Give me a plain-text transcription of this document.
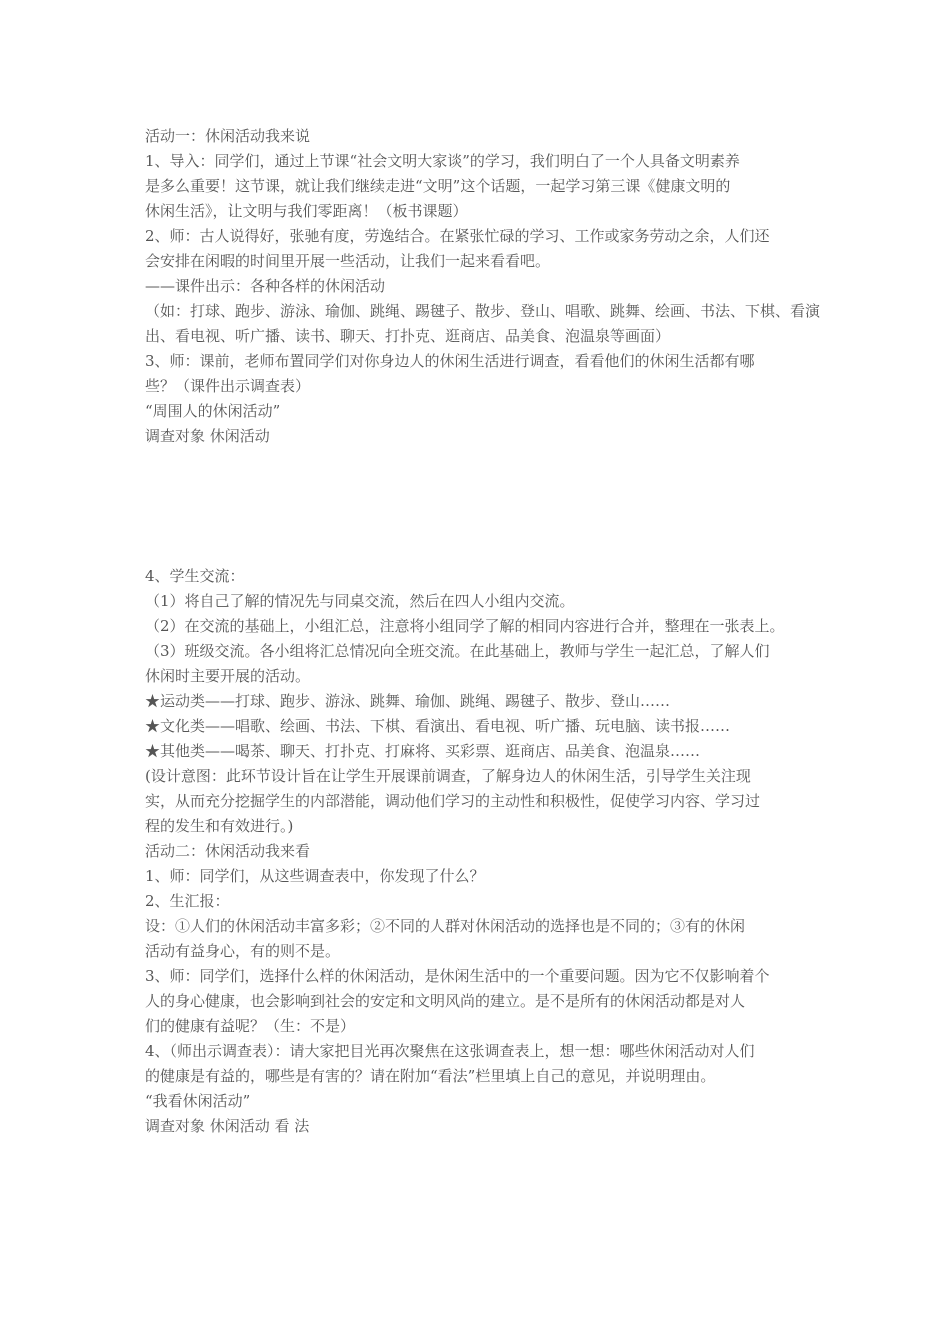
活动一：休闲活动我来说

1、导入：同学们，通过上节课“社会文明大家谈”的学习，我们明白了一个人具备文明素养

是多么重要！这节课，就让我们继续走进“文明”这个话题，一起学习第三课《健康文明的

休闲生活》，让文明与我们零距离！（板书课题）

2、师：古人说得好，张驰有度，劳逸结合。在紧张忙碌的学习、工作或家务劳动之余，人们还

会安排在闲暇的时间里开展一些活动，让我们一起来看看吧。

——课件出示：各种各样的休闲活动

（如：打球、跑步、游泳、瑜伽、跳绳、踢毽子、散步、登山、唱歌、跳舞、绘画、书法、下棋、看演

出、看电视、听广播、读书、聊天、打扑克、逛商店、品美食、泡温泉等画面）

3、师：课前，老师布置同学们对你身边人的休闲生活进行调查，看看他们的休闲生活都有哪

些？（课件出示调查表）

“周围人的休闲活动”

调查对象 休闲活动

4、学生交流：

（1）将自己了解的情况先与同桌交流，然后在四人小组内交流。

（2）在交流的基础上，小组汇总，注意将小组同学了解的相同内容进行合并，整理在一张表上。

（3）班级交流。各小组将汇总情况向全班交流。在此基础上，教师与学生一起汇总，了解人们

休闲时主要开展的活动。

★运动类——打球、跑步、游泳、跳舞、瑜伽、跳绳、踢毽子、散步、登山……

★文化类——唱歌、绘画、书法、下棋、看演出、看电视、听广播、玩电脑、读书报……

★其他类——喝茶、聊天、打扑克、打麻将、买彩票、逛商店、品美食、泡温泉……

(设计意图：此环节设计旨在让学生开展课前调查，了解身边人的休闲生活，引导学生关注现

实，从而充分挖掘学生的内部潜能，调动他们学习的主动性和积极性，促使学习内容、学习过

程的发生和有效进行。)

活动二：休闲活动我来看

1、师：同学们，从这些调查表中，你发现了什么？

2、生汇报：

设：①人们的休闲活动丰富多彩；②不同的人群对休闲活动的选择也是不同的；③有的休闲

活动有益身心，有的则不是。

3、师：同学们，选择什么样的休闲活动，是休闲生活中的一个重要问题。因为它不仅影响着个

人的身心健康，也会影响到社会的安定和文明风尚的建立。是不是所有的休闲活动都是对人

们的健康有益呢？（生：不是）

4、（师出示调查表）：请大家把目光再次聚焦在这张调查表上，想一想：哪些休闲活动对人们

的健康是有益的，哪些是有害的？请在附加“看法”栏里填上自己的意见，并说明理由。

“我看休闲活动”

调查对象 休闲活动 看 法
